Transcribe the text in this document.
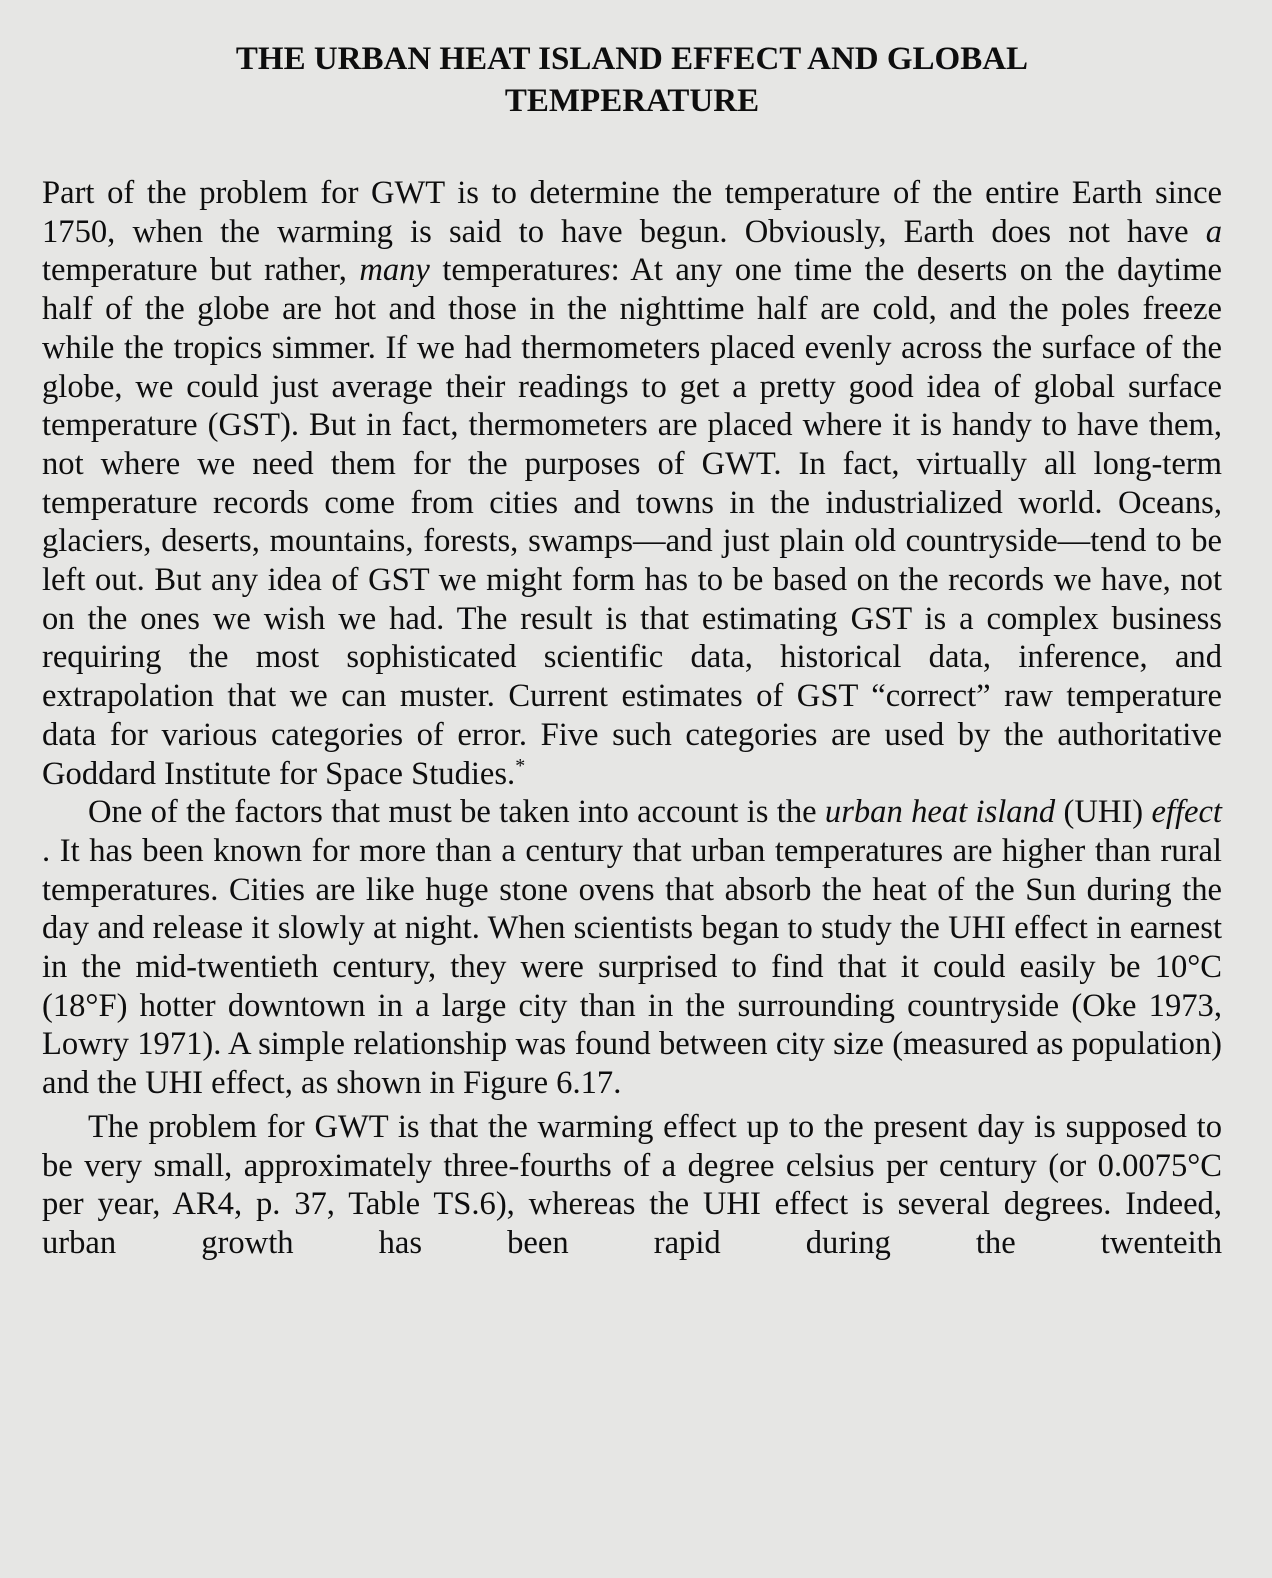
THE URBAN HEAT ISLAND EFFECT AND GLOBAL
TEMPERATURE

Part of the problem for GWT is to determine the temperature of the entire Earth since 1750, when the warming is said to have begun. Obviously, Earth does not have a temperature but rather, many temperatures: At any one time the deserts on the daytime half of the globe are hot and those in the nighttime half are cold, and the poles freeze while the tropics simmer. If we had thermometers placed evenly across the surface of the globe, we could just average their readings to get a pretty good idea of global surface temperature (GST). But in fact, thermometers are placed where it is handy to have them, not where we need them for the purposes of GWT. In fact, virtually all long-term temperature records come from cities and towns in the industrialized world. Oceans, glaciers, deserts, mountains, forests, swamps—and just plain old countryside—tend to be left out. But any idea of GST we might form has to be based on the records we have, not on the ones we wish we had. The result is that estimating GST is a complex business requiring the most sophisticated scientific data, historical data, inference, and extrapolation that we can muster. Current estimates of GST “correct” raw temperature data for various categories of error. Five such categories are used by the authoritative Goddard Institute for Space Studies.*

One of the factors that must be taken into account is the urban heat island (UHI) effect . It has been known for more than a century that urban temperatures are higher than rural temperatures. Cities are like huge stone ovens that absorb the heat of the Sun during the day and release it slowly at night. When scientists began to study the UHI effect in earnest in the mid-twentieth century, they were surprised to find that it could easily be 10°C (18°F) hotter downtown in a large city than in the surrounding countryside (Oke 1973, Lowry 1971). A simple relationship was found between city size (measured as population) and the UHI effect, as shown in Figure 6.17.

The problem for GWT is that the warming effect up to the present day is supposed to be very small, approximately three-fourths of a degree celsius per century (or 0.0075°C per year, AR4, p. 37, Table TS.6), whereas the UHI effect is several degrees. Indeed, urban growth has been rapid during the twenteith
